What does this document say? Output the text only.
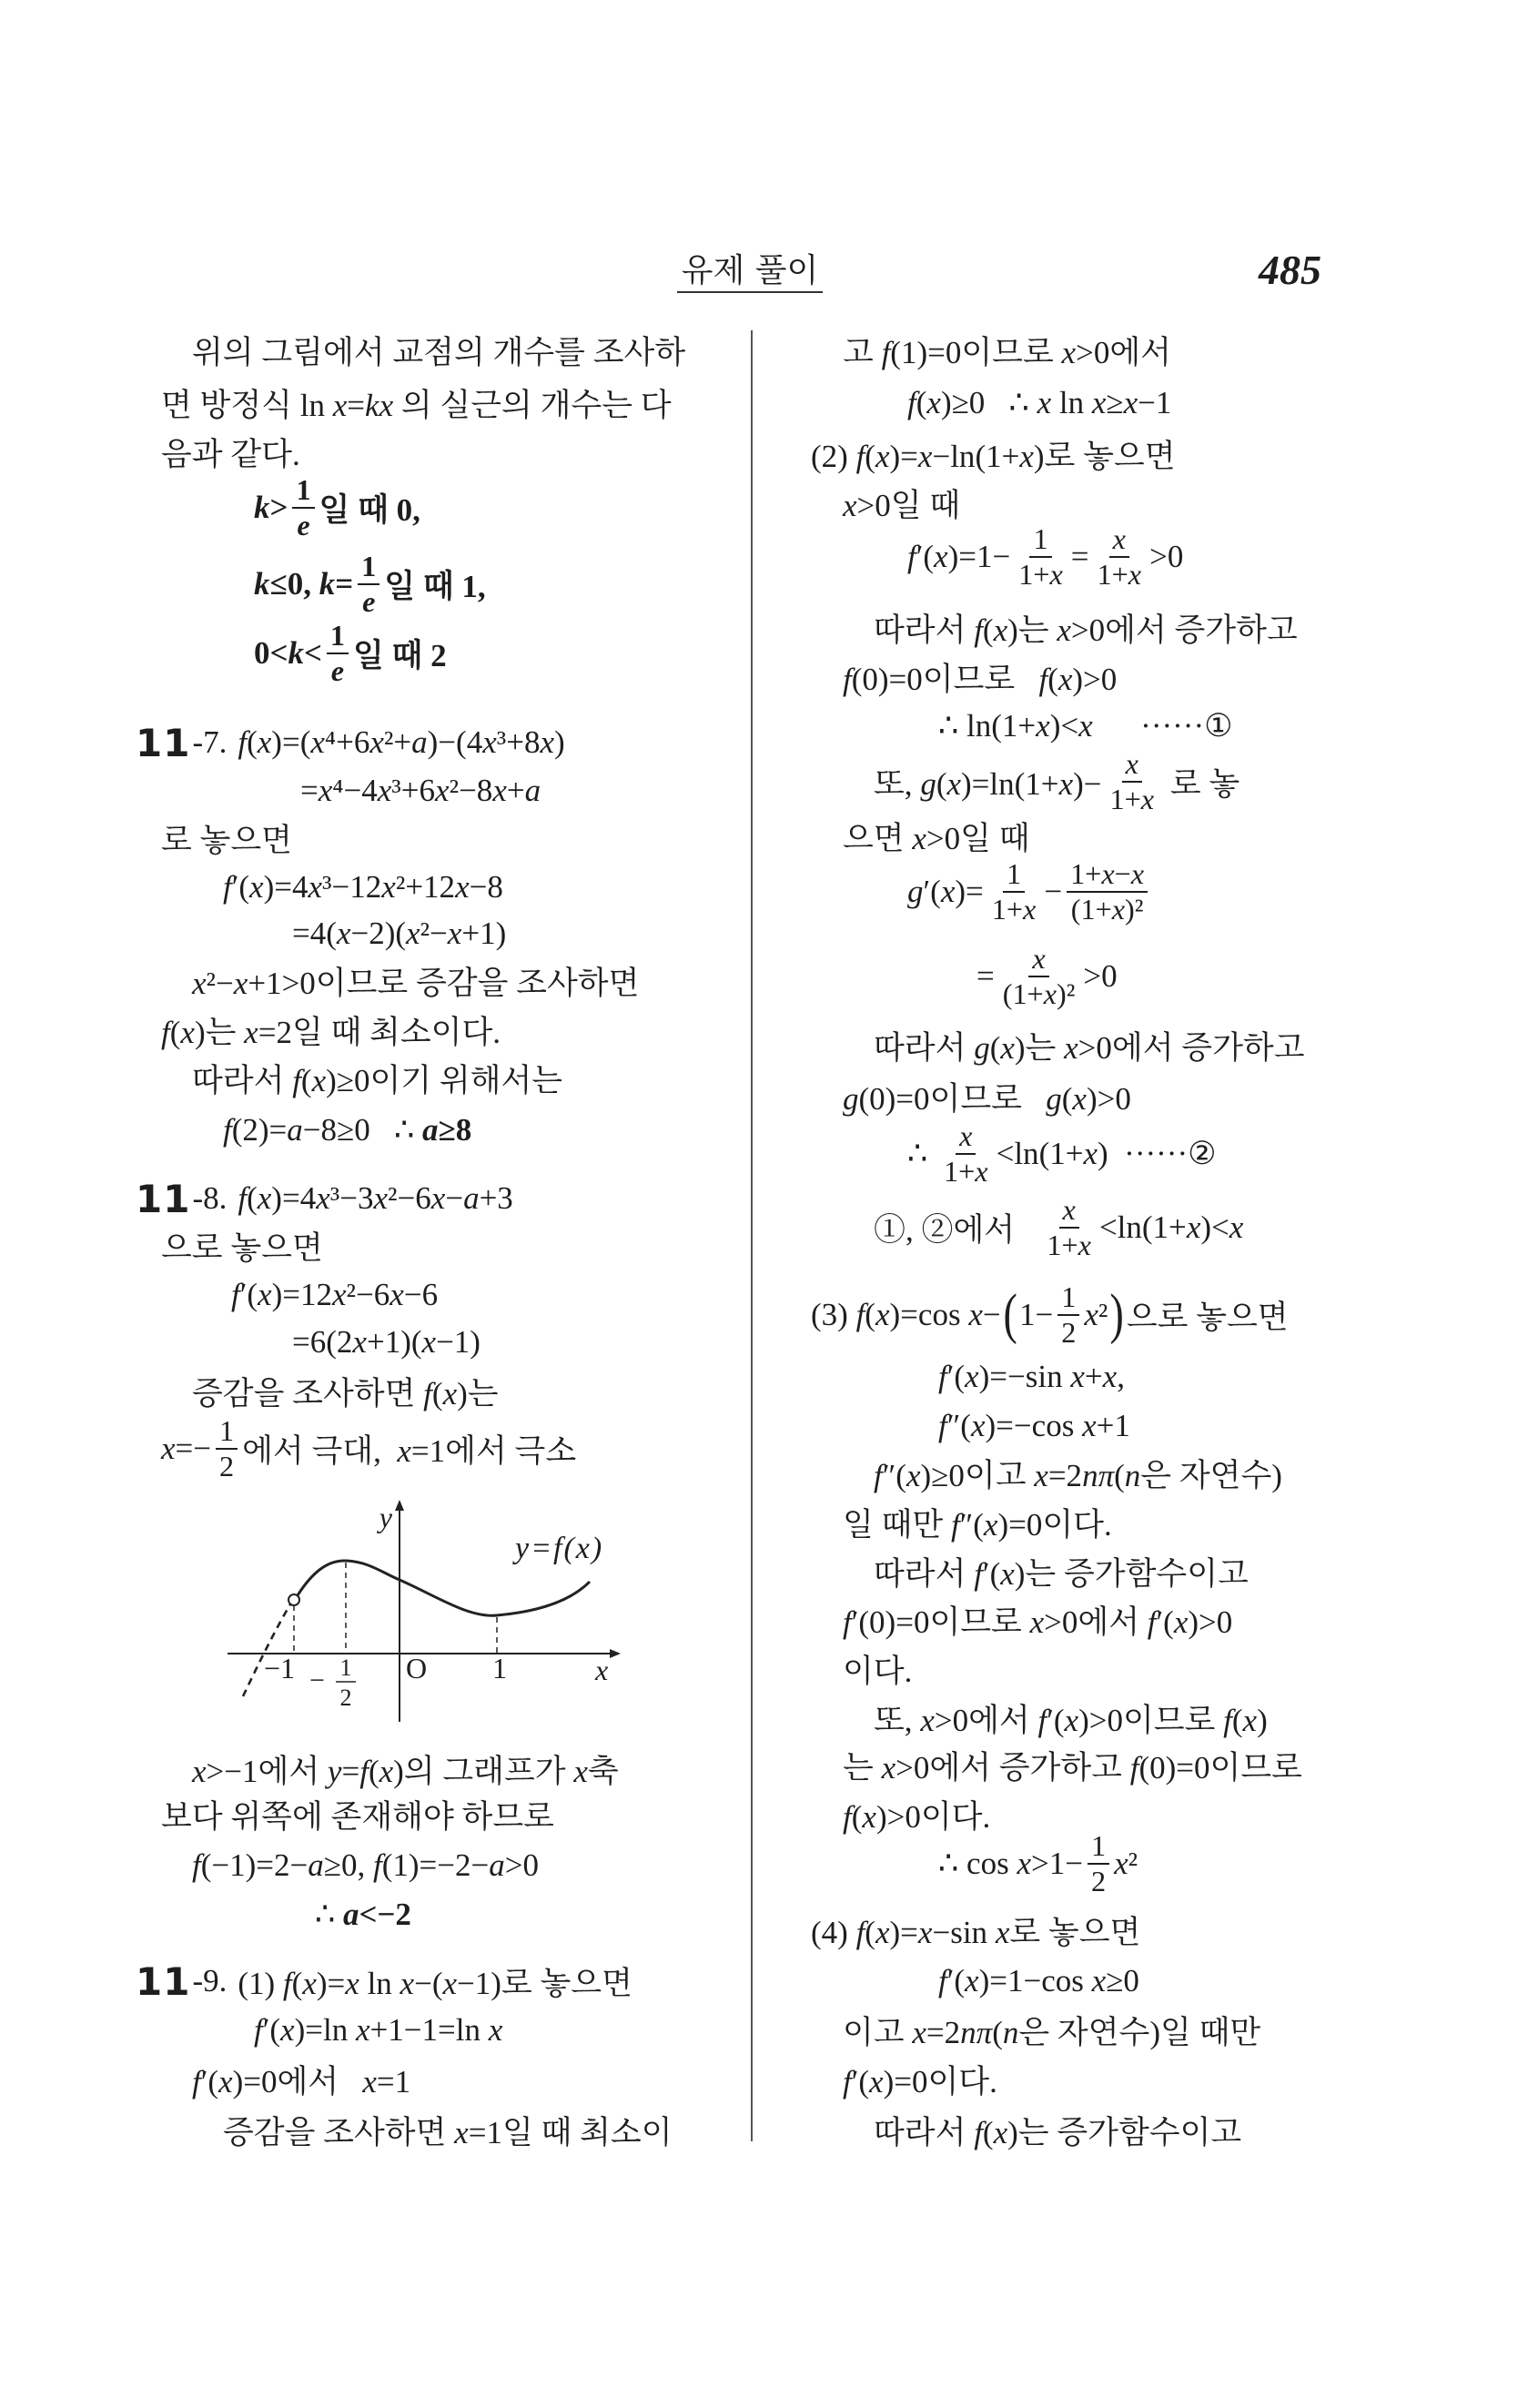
유제 풀이	485
y
y=f(x)
−1 − 1
2
O 1	x
위의 그림에서 교점의 개수를 조사하
면 방정식 ln x=kx 의 실근의 개수는 다
음과 같다.
$k> \frac{1}{e}$ 일 때 0,
k≤0, $k= \frac{1}{e}$ 일 때 1,
$0<k< \frac{1}{e}$ 일 때 2
11 -7. f(x)=(x⁴+6x²+a)−(4x³+8x)
=x⁴−4x³+6x²−8x+a
로 놓으면
f′(x)=4x³−12x²+12x−8
=4(x−2)(x²−x+1)
x²−x+1>0이므로 증감을 조사하면
f(x)는 x=2일 때 최소이다.
따라서 f(x)≥0이기 위해서는
f(2)=a−8≥0   ∴ a≥8
11 -8. f(x)=4x³−3x²−6x−a+3
으로 놓으면
f′(x)=12x²−6x−6
=6(2x+1)(x−1)
증감을 조사하면 f(x)는
$x=- \frac{1}{2}$ 에서 극대,  x=1에서 극소
x>−1에서 y=f(x)의 그래프가 x축
보다 위쪽에 존재해야 하므로
f(−1)=2−a≥0, f(1)=−2−a>0
∴ a<−2
11 -9. (1) f(x)=x ln x−(x−1)로 놓으면
f′(x)=ln x+1−1=ln x
f′(x)=0에서   x=1
증감을 조사하면 x=1일 때 최소이
고 f(1)=0이므로 x>0에서
f(x)≥0   ∴ x ln x≥x−1
(2) f(x)=x−ln(1+x)로 놓으면
x>0일 때
$f'(x)=1- \frac{1}{1+x} = \frac{x}{1+x} >0$
따라서 f(x)는 x>0에서 증가하고
f(0)=0이므로   f(x)>0
∴ ln(1+x)<x      ······①
또, $g(x)=\ln(1+x)- \frac{x}{1+x}$ 로 놓
으면 x>0일 때
$g'(x)= \frac{1}{1+x} - \frac{1+x-x}{\text{(1+x)²}}$
= $\frac{x}{\text{(1+x)²}} >0$
따라서 g(x)는 x>0에서 증가하고
g(0)=0이므로   g(x)>0
∴ $\frac{x}{1+x} <\ln(1+x)$  ······②
①, ②에서 $\frac{x}{1+x} <\ln(1+x)<x$
(3) f(x)=cos x− ( $1- \frac{1}{2} x^2$ ) 으로 놓으면
f′(x)=−sin x+x,
f″(x)=−cos x+1
f″(x)≥0이고 x=2nπ(n은 자연수)
일 때만 f″(x)=0이다.
따라서 f′(x)는 증가함수이고
f′(0)=0이므로 x>0에서 f′(x)>0
이다.
또, x>0에서 f′(x)>0이므로 f(x)
는 x>0에서 증가하고 f(0)=0이므로
f(x)>0이다.
∴ $\cos x>1- \frac{1}{2} x^2$
(4) f(x)=x−sin x로 놓으면
f′(x)=1−cos x≥0
이고 x=2nπ(n은 자연수)일 때만
f′(x)=0이다.
따라서 f(x)는 증가함수이고
